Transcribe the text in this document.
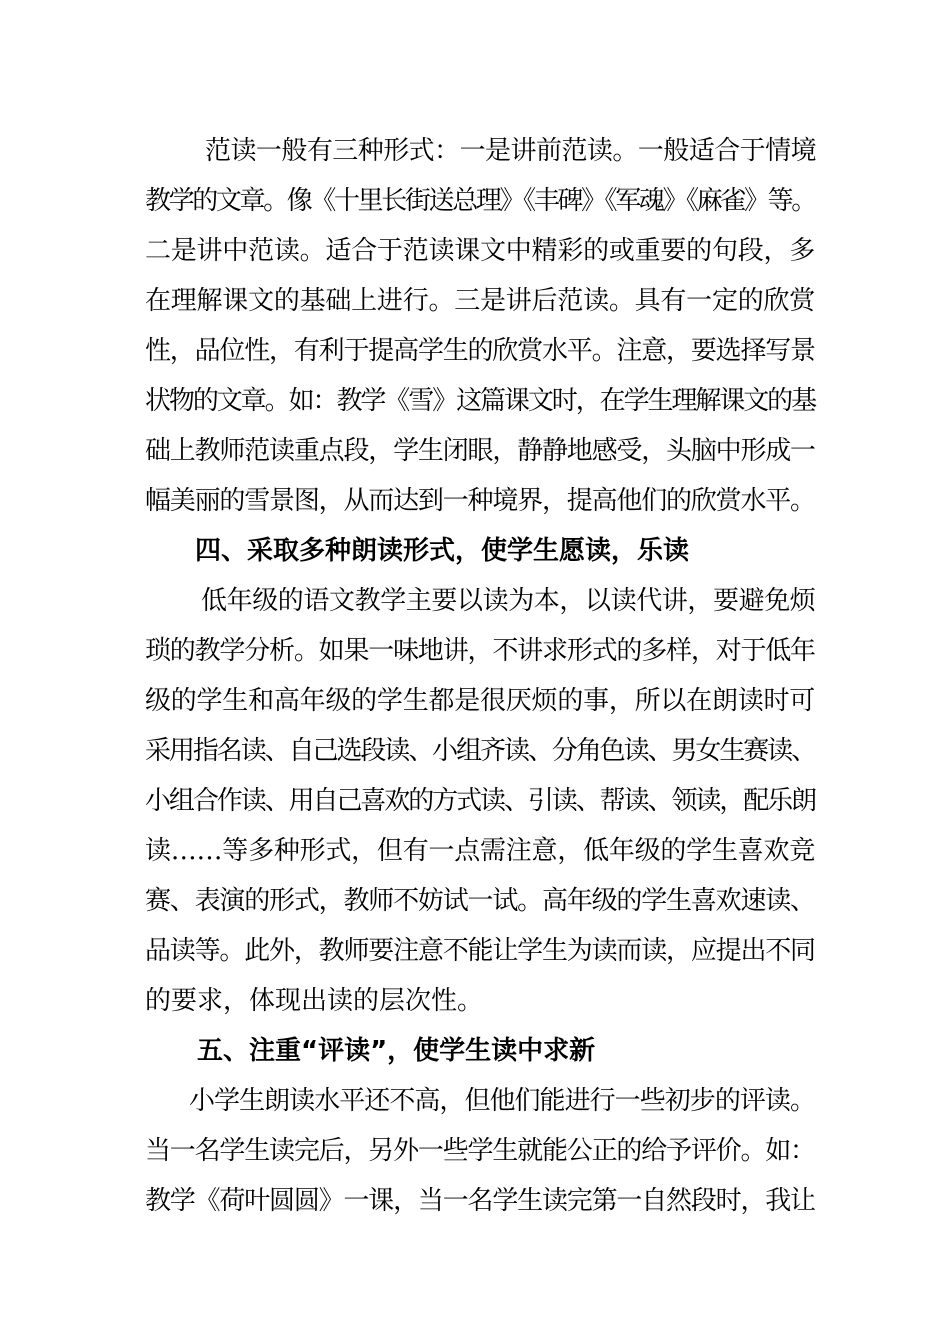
范读一般有三种形式：一是讲前范读。一般适合于情境
教学的文章。像《十里长街送总理》《丰碑》《军魂》《麻雀》等。
二是讲中范读。适合于范读课文中精彩的或重要的句段，多
在理解课文的基础上进行。三是讲后范读。具有一定的欣赏
性，品位性，有利于提高学生的欣赏水平。注意，要选择写景
状物的文章。如：教学《雪》这篇课文时，在学生理解课文的基
础上教师范读重点段，学生闭眼，静静地感受，头脑中形成一
幅美丽的雪景图，从而达到一种境界，提高他们的欣赏水平。
四、采取多种朗读形式，使学生愿读，乐读
低年级的语文教学主要以读为本，以读代讲，要避免烦
琐的教学分析。如果一味地讲，不讲求形式的多样，对于低年
级的学生和高年级的学生都是很厌烦的事，所以在朗读时可
采用指名读、自己选段读、小组齐读、分角色读、男女生赛读、
小组合作读、用自己喜欢的方式读、引读、帮读、领读，配乐朗
读……等多种形式，但有一点需注意，低年级的学生喜欢竞
赛、表演的形式，教师不妨试一试。高年级的学生喜欢速读、
品读等。此外，教师要注意不能让学生为读而读，应提出不同
的要求，体现出读的层次性。
五、注重“评读”，使学生读中求新
小学生朗读水平还不高，但他们能进行一些初步的评读。
当一名学生读完后，另外一些学生就能公正的给予评价。如：
教学《荷叶圆圆》一课，当一名学生读完第一自然段时，我让
